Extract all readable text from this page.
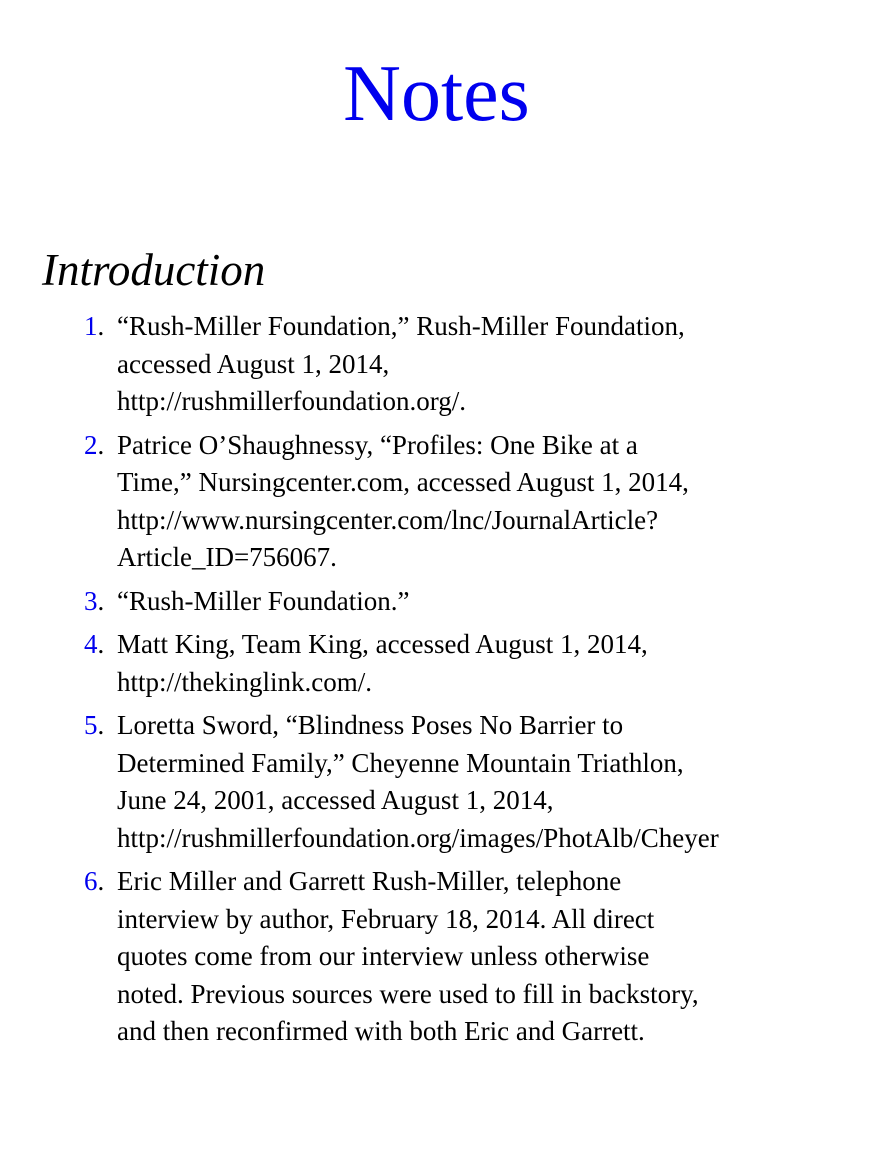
Notes
Introduction
1. “Rush-Miller Foundation,” Rush-Miller Foundation,
accessed August 1, 2014,
http://rushmillerfoundation.org/.
2. Patrice O’Shaughnessy, “Profiles: One Bike at a
Time,” Nursingcenter.com, accessed August 1, 2014,
http://www.nursingcenter.com/lnc/JournalArticle?
Article_ID=756067.
3. “Rush-Miller Foundation.”
4. Matt King, Team King, accessed August 1, 2014,
http://thekinglink.com/.
5. Loretta Sword, “Blindness Poses No Barrier to
Determined Family,” Cheyenne Mountain Triathlon,
June 24, 2001, accessed August 1, 2014,
http://rushmillerfoundation.org/images/PhotAlb/Cheyer
6. Eric Miller and Garrett Rush-Miller, telephone
interview by author, February 18, 2014. All direct
quotes come from our interview unless otherwise
noted. Previous sources were used to fill in backstory,
and then reconfirmed with both Eric and Garrett.
